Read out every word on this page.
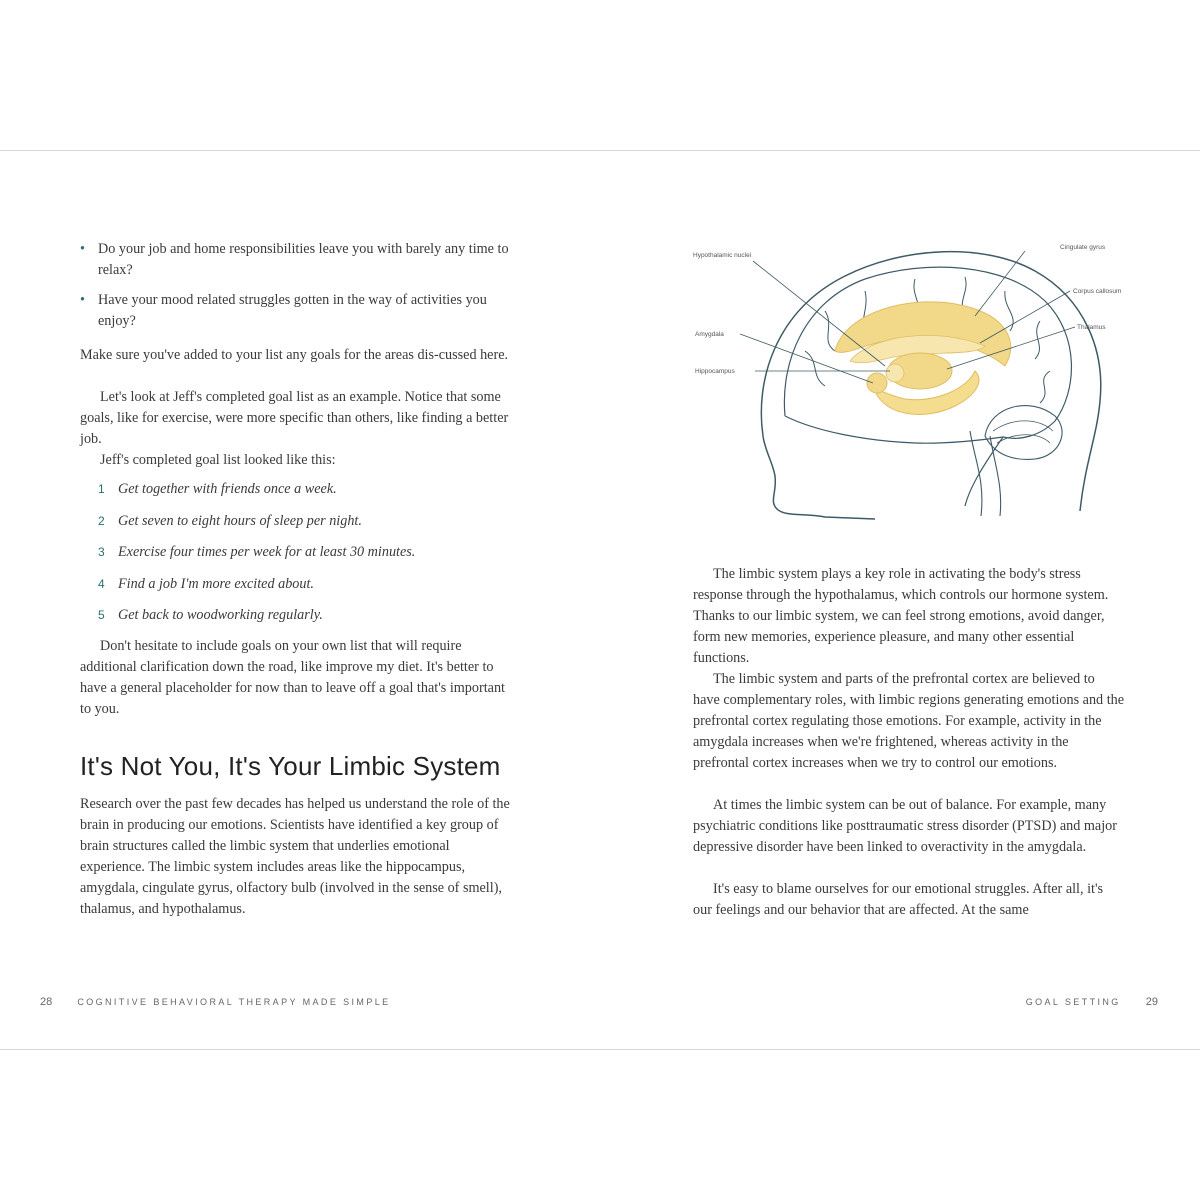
• Do your job and home responsibilities leave you with barely any time to relax?
• Have your mood related struggles gotten in the way of activities you enjoy?

Make sure you've added to your list any goals for the areas dis-cussed here.

Let's look at Jeff's completed goal list as an example. Notice that some goals, like for exercise, were more specific than others, like finding a better job.

Jeff's completed goal list looked like this:

1 Get together with friends once a week.
2 Get seven to eight hours of sleep per night.
3 Exercise four times per week for at least 30 minutes.
4 Find a job I'm more excited about.
5 Get back to woodworking regularly.

Don't hesitate to include goals on your own list that will require additional clarification down the road, like improve my diet. It's better to have a general placeholder for now than to leave off a goal that's important to you.

It's Not You, It's Your Limbic System

Research over the past few decades has helped us understand the role of the brain in producing our emotions. Scientists have identified a key group of brain structures called the limbic system that underlies emotional experience. The limbic system includes areas like the hippocampus, amygdala, cingulate gyrus, olfactory bulb (involved in the sense of smell), thalamus, and hypothalamus.

28	COGNITIVE BEHAVIORAL THERAPY MADE SIMPLE
Hypothalamic nuclei
Cingulate gyrus
Corpus callosum
Thalamus
Amygdala
Hippocampus

The limbic system plays a key role in activating the body's stress response through the hypothalamus, which controls our hormone system. Thanks to our limbic system, we can feel strong emotions, avoid danger, form new memories, experience pleasure, and many other essential functions.

The limbic system and parts of the prefrontal cortex are believed to have complementary roles, with limbic regions generating emotions and the prefrontal cortex regulating those emotions. For example, activity in the amygdala increases when we're frightened, whereas activity in the prefrontal cortex increases when we try to control our emotions.

At times the limbic system can be out of balance. For example, many psychiatric conditions like posttraumatic stress disorder (PTSD) and major depressive disorder have been linked to overactivity in the amygdala.

It's easy to blame ourselves for our emotional struggles. After all, it's our feelings and our behavior that are affected. At the same

GOAL SETTING 29
